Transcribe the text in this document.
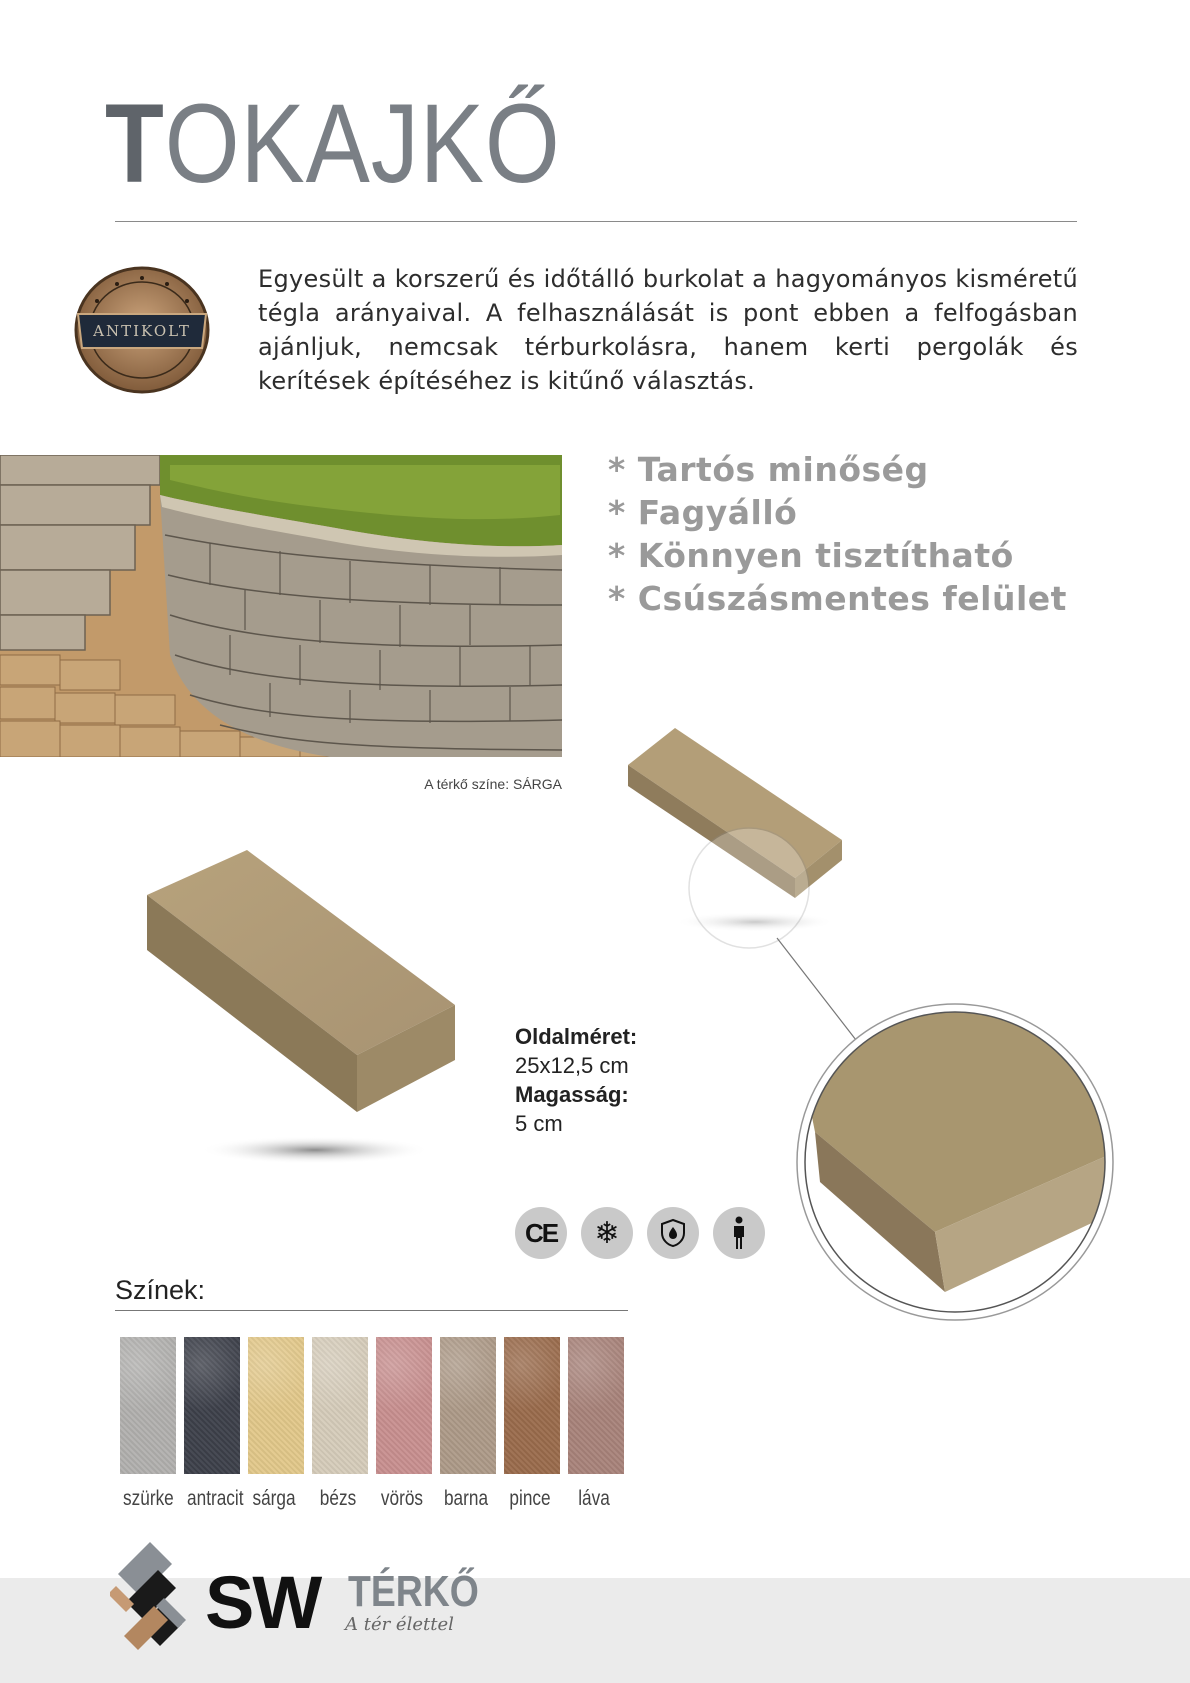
TOKAJKŐ
ANTIKOLT
Egyesült a korszerű és időtálló burkolat a hagyományos kisméretű tégla arányaival. A felhasználását is pont ebben a felfogásban ajánljuk, nemcsak térburkolásra, hanem kerti pergolák és kerítések építéséhez is kitűnő választás.
A térkő színe: SÁRGA
* Tartós minőség
* Fagyálló
* Könnyen tisztítható
* Csúszásmentes felület
Oldalméret:
25x12,5 cm
Magasság:
5 cm
CE ❄
Színek:
szürke antracit sárga bézs vörös barna pince	láva
SW TÉRKŐ
A tér élettel
